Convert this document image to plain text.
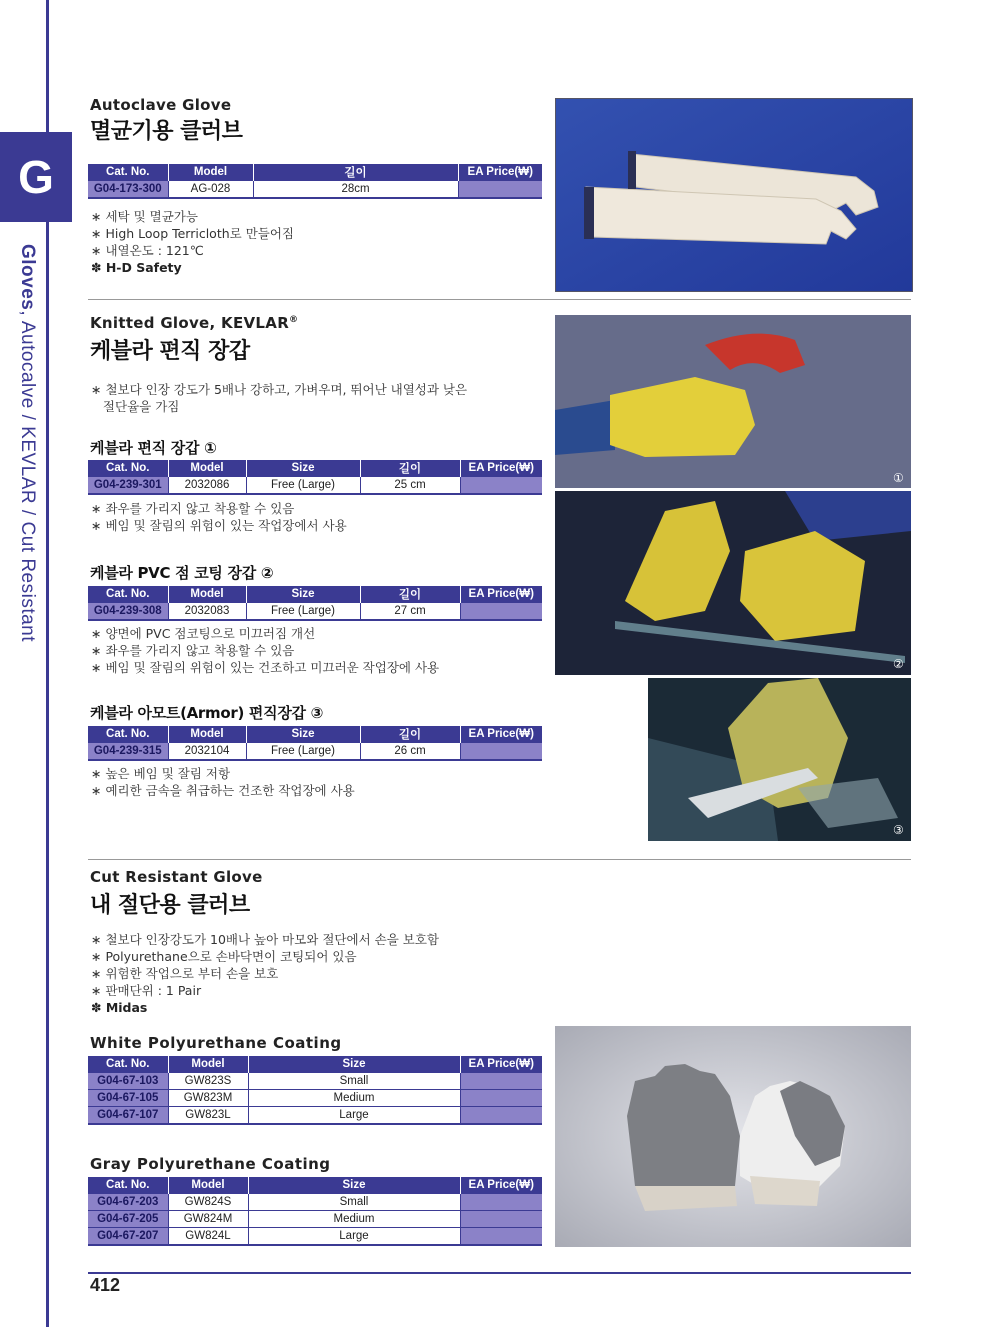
G
Gloves, Autocalve / KEVLAR / Cut Resistant
Autoclave Glove
멸균기용 클러브
Cat. No.	Model	길이	EA Price(₩)
G04-173-300	AG-028	28cm	
∗ 세탁 및 멸균가능
∗ High Loop Terricloth로 만들어짐
∗ 내열온도 : 121℃
✽ H-D Safety
Knitted Glove, KEVLAR®
케블라 편직 장갑
∗ 철보다 인장 강도가 5배나 강하고, 가벼우며, 뛰어난 내열성과 낮은
절단율을 가짐
케블라 편직 장갑 ①
Cat. No.	Model	Size	길이	EA Price(₩)
G04-239-301	2032086	Free (Large)	25 cm	
∗ 좌우를 가리지 않고 착용할 수 있음
∗ 베임 및 잘림의 위험이 있는 작업장에서 사용
케블라 PVC 점 코팅 장갑 ②
Cat. No.	Model	Size	길이	EA Price(₩)
G04-239-308	2032083	Free (Large)	27 cm	
∗ 양면에 PVC 점코팅으로 미끄러짐 개선
∗ 좌우를 가리지 않고 착용할 수 있음
∗ 베임 및 잘림의 위험이 있는 건조하고 미끄러운 작업장에 사용
케블라 아모트(Armor) 편직장갑 ③
Cat. No.	Model	Size	길이	EA Price(₩)
G04-239-315	2032104	Free (Large)	26 cm	
∗ 높은 베임 및 잘림 저항
∗ 예리한 금속을 취급하는 건조한 작업장에 사용
①
②
③
Cut Resistant Glove
내 절단용 클러브
∗ 철보다 인장강도가 10배나 높아 마모와 절단에서 손을 보호함
∗ Polyurethane으로 손바닥면이 코팅되어 있음
∗ 위험한 작업으로 부터 손을 보호
∗ 판매단위 : 1 Pair
✽ Midas
White Polyurethane Coating
Cat. No.	Model	Size	EA Price(₩)
G04-67-103	GW823S	Small	
G04-67-105	GW823M	Medium	
G04-67-107	GW823L	Large	
Gray Polyurethane Coating
Cat. No.	Model	Size	EA Price(₩)
G04-67-203	GW824S	Small	
G04-67-205	GW824M	Medium	
G04-67-207	GW824L	Large	
412
